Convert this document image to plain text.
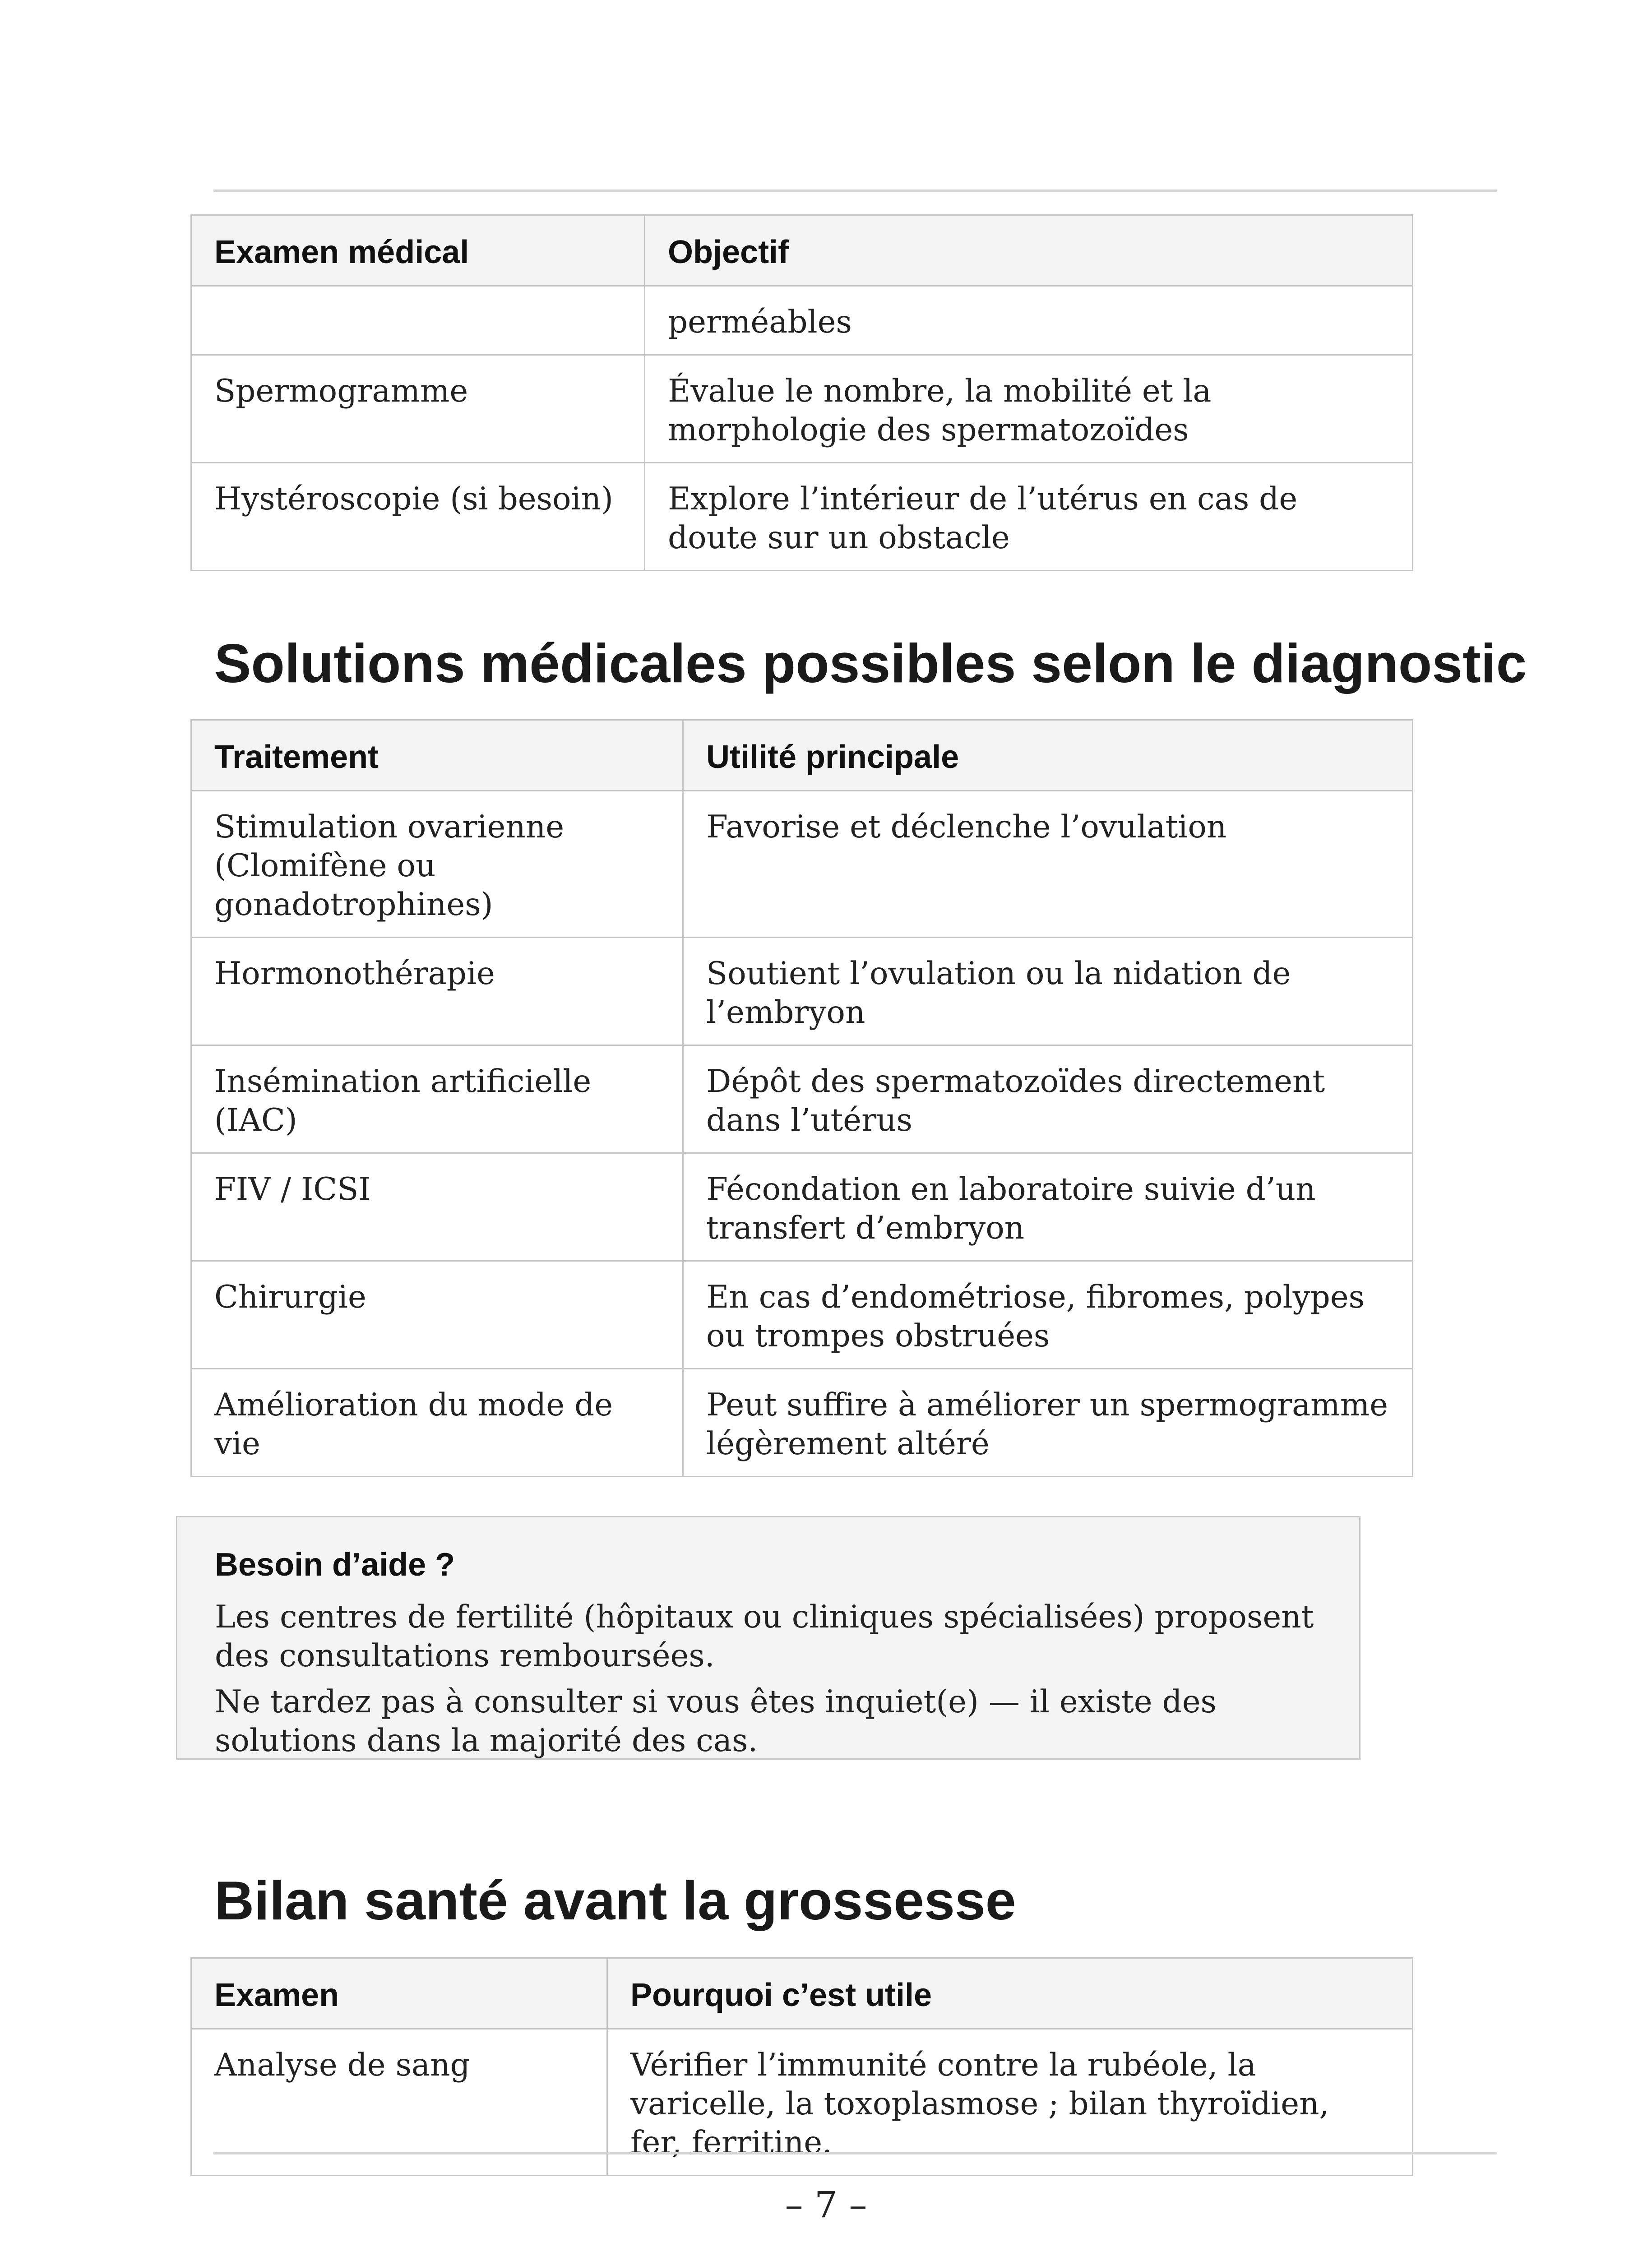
Examen médical	Objectif
	perméables
Spermogramme	Évalue le nombre, la mobilité et la morphologie des spermatozoïdes
Hystéroscopie (si besoin)	Explore l’intérieur de l’utérus en cas de doute sur un obstacle
Solutions médicales possibles selon le diagnostic
Traitement	Utilité principale
Stimulation ovarienne (Clomifène ou gonadotrophines)	Favorise et déclenche l’ovulation
Hormonothérapie	Soutient l’ovulation ou la nidation de l’embryon
Insémination artificielle (IAC)	Dépôt des spermatozoïdes directement dans l’utérus
FIV / ICSI	Fécondation en laboratoire suivie d’un transfert d’embryon
Chirurgie	En cas d’endométriose, fibromes, polypes ou trompes obstruées
Amélioration du mode de vie	Peut suffire à améliorer un spermogramme légèrement altéré
Besoin d’aide ?

Les centres de fertilité (hôpitaux ou cliniques spécialisées) proposent des consultations remboursées.

Ne tardez pas à consulter si vous êtes inquiet(e) — il existe des solutions dans la majorité des cas.

Bilan santé avant la grossesse
Examen	Pourquoi c’est utile
Analyse de sang	Vérifier l’immunité contre la rubéole, la varicelle, la toxoplasmose ; bilan thyroïdien, fer, ferritine.
– 7 –
